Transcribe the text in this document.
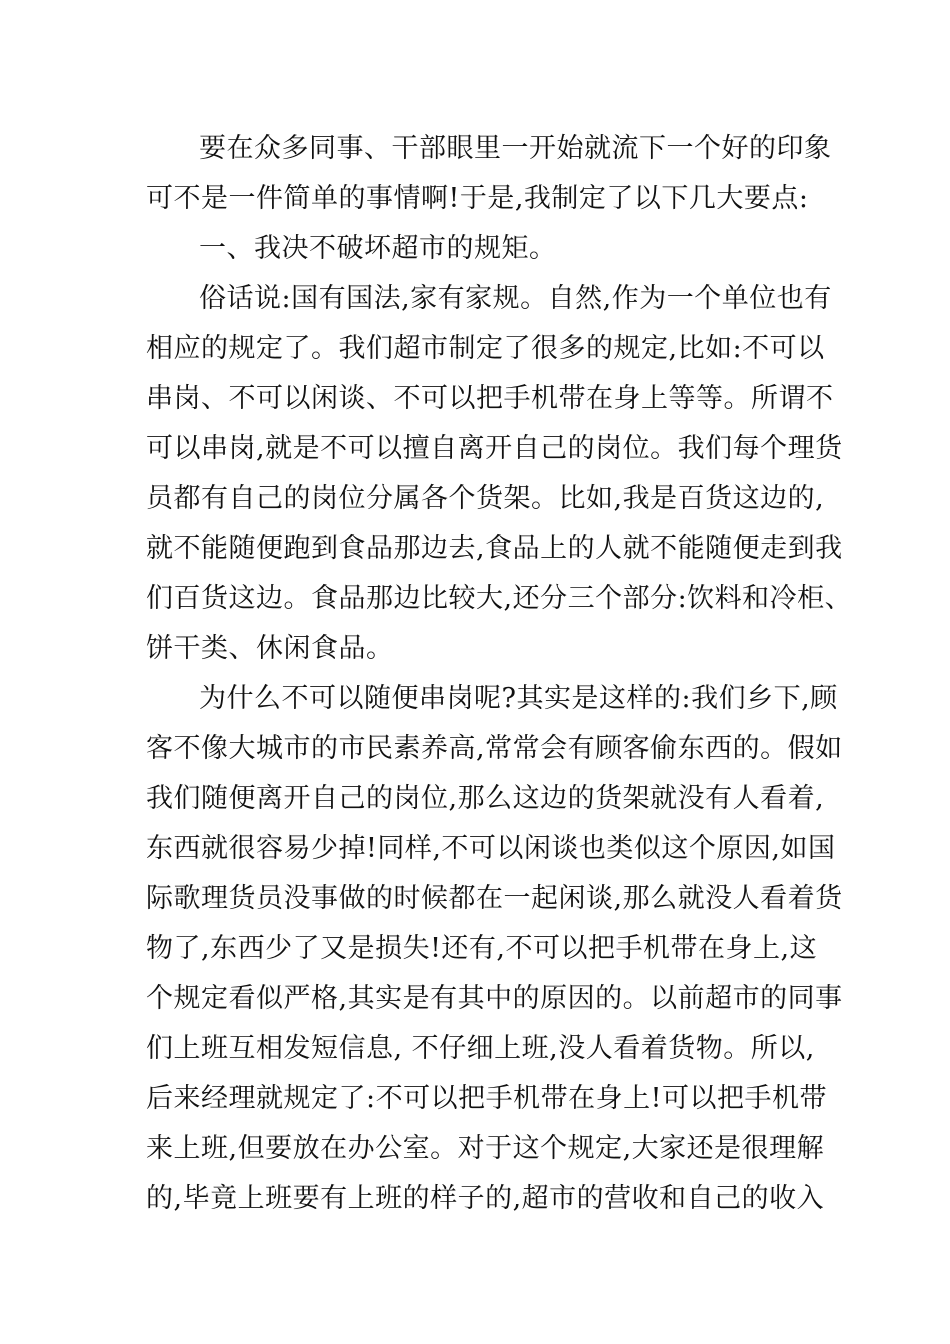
要在众多同事、干部眼里一开始就流下一个好的印象
可不是一件简单的事情啊!于是,我制定了以下几大要点:
一、我决不破坏超市的规矩。
俗话说:国有国法,家有家规。自然,作为一个单位也有
相应的规定了。我们超市制定了很多的规定,比如:不可以
串岗、不可以闲谈、不可以把手机带在身上等等。所谓不
可以串岗,就是不可以擅自离开自己的岗位。我们每个理货
员都有自己的岗位分属各个货架。比如,我是百货这边的,
就不能随便跑到食品那边去,食品上的人就不能随便走到我
们百货这边。食品那边比较大,还分三个部分:饮料和冷柜、
饼干类、休闲食品。
为什么不可以随便串岗呢?其实是这样的:我们乡下,顾
客不像大城市的市民素养高,常常会有顾客偷东西的。假如
我们随便离开自己的岗位,那么这边的货架就没有人看着,
东西就很容易少掉!同样,不可以闲谈也类似这个原因,如国
际歌理货员没事做的时候都在一起闲谈,那么就没人看着货
物了,东西少了又是损失!还有,不可以把手机带在身上,这
个规定看似严格,其实是有其中的原因的。以前超市的同事
们上班互相发短信息, 不仔细上班,没人看着货物。所以,
后来经理就规定了:不可以把手机带在身上!可以把手机带
来上班,但要放在办公室。对于这个规定,大家还是很理解
的,毕竟上班要有上班的样子的,超市的营收和自己的收入
